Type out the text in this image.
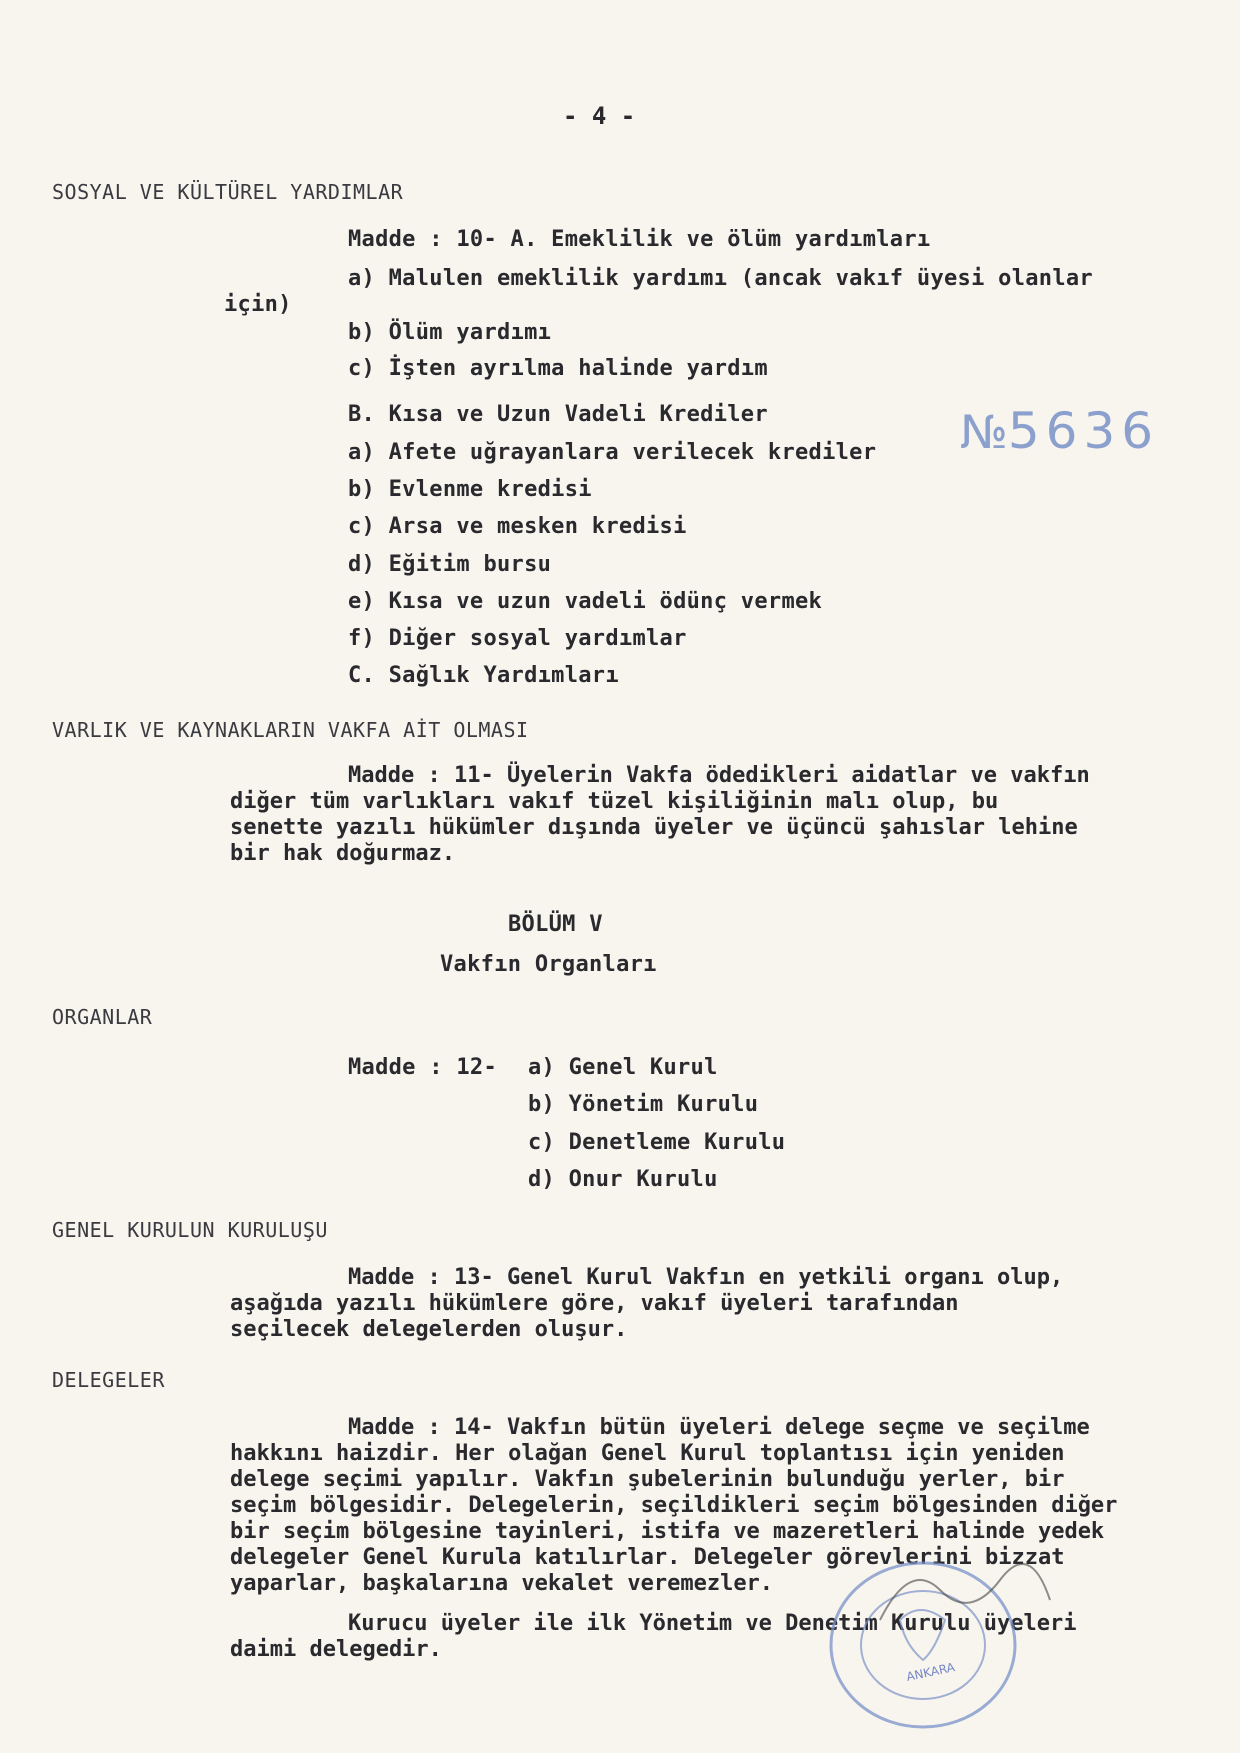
- 4 -
SOSYAL VE KÜLTÜREL YARDIMLAR
Madde : 10- A. Emeklilik ve ölüm yardımları
a) Malulen emeklilik yardımı (ancak vakıf üyesi olanlar
için)
b) Ölüm yardımı
c) İşten ayrılma halinde yardım
B. Kısa ve Uzun Vadeli Krediler
a) Afete uğrayanlara verilecek krediler
b) Evlenme kredisi
c) Arsa ve mesken kredisi
d) Eğitim bursu
e) Kısa ve uzun vadeli ödünç vermek
f) Diğer sosyal yardımlar
C. Sağlık Yardımları
№5636
VARLIK VE KAYNAKLARIN VAKFA AİT OLMASI
Madde : 11- Üyelerin Vakfa ödedikleri aidatlar ve vakfın
diğer tüm varlıkları vakıf tüzel kişiliğinin malı olup, bu
senette yazılı hükümler dışında üyeler ve üçüncü şahıslar lehine
bir hak doğurmaz.
BÖLÜM V
Vakfın Organları
ORGANLAR
Madde : 12- a) Genel Kurul
b) Yönetim Kurulu
c) Denetleme Kurulu
d) Onur Kurulu
GENEL KURULUN KURULUŞU
Madde : 13- Genel Kurul Vakfın en yetkili organı olup,
aşağıda yazılı hükümlere göre, vakıf üyeleri tarafından
seçilecek delegelerden oluşur.
DELEGELER
Madde : 14- Vakfın bütün üyeleri delege seçme ve seçilme
hakkını haizdir. Her olağan Genel Kurul toplantısı için yeniden
delege seçimi yapılır. Vakfın şubelerinin bulunduğu yerler, bir
seçim bölgesidir. Delegelerin, seçildikleri seçim bölgesinden diğer
bir seçim bölgesine tayinleri, istifa ve mazeretleri halinde yedek
delegeler Genel Kurula katılırlar. Delegeler görevlerini bizzat
yaparlar, başkalarına vekalet veremezler.
Kurucu üyeler ile ilk Yönetim ve Denetim Kurulu üyeleri
daimi delegedir.
ANKARA
